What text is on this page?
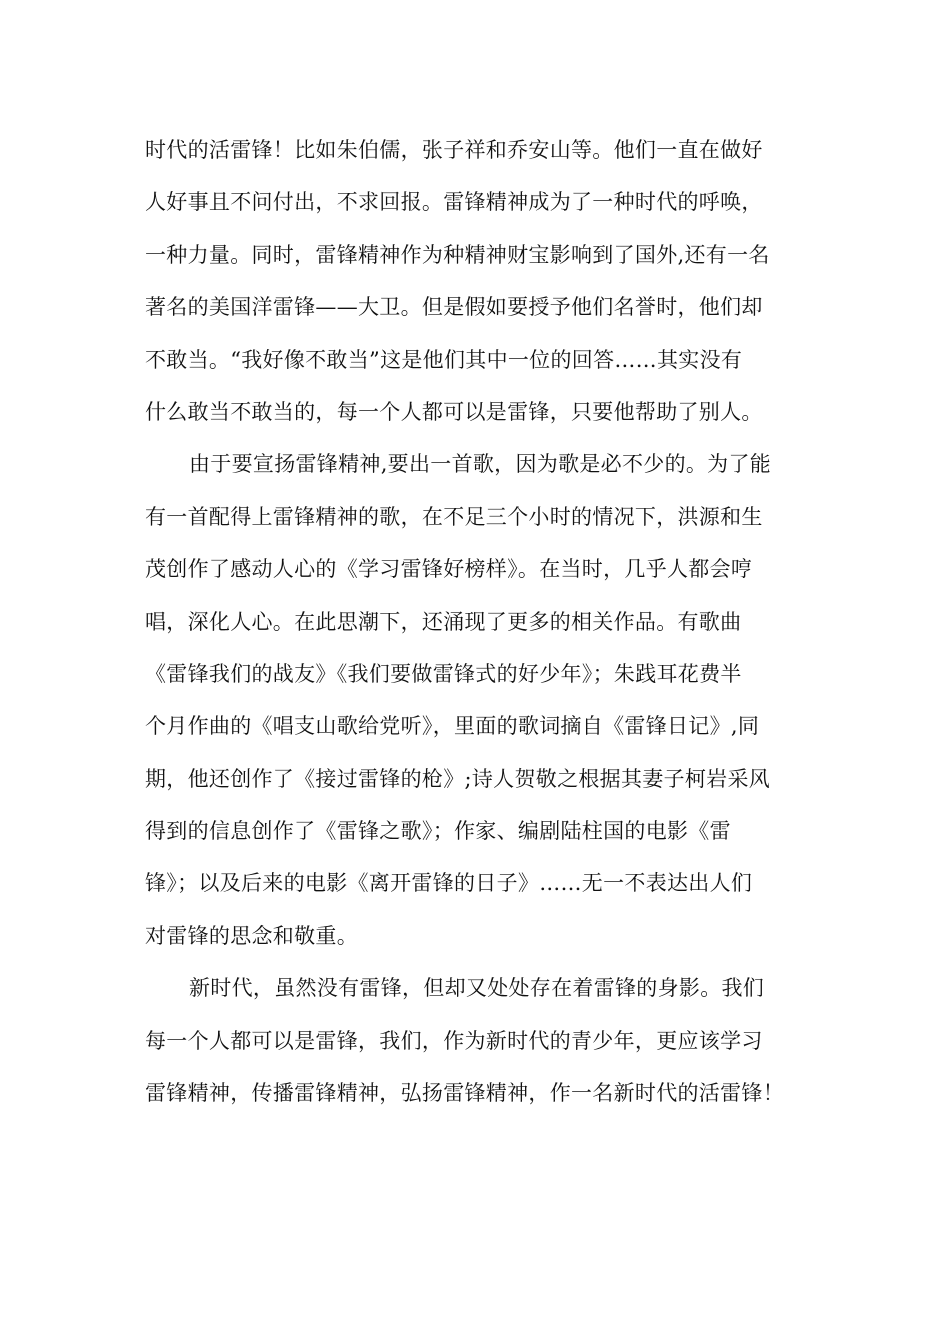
时代的活雷锋！比如朱伯儒，张子祥和乔安山等。他们一直在做好
人好事且不问付出，不求回报。雷锋精神成为了一种时代的呼唤，
一种力量。同时，雷锋精神作为种精神财宝影响到了国外,还有一名
著名的美国洋雷锋——大卫。但是假如要授予他们名誉时，他们却
不敢当。“我好像不敢当”这是他们其中一位的回答……其实没有
什么敢当不敢当的，每一个人都可以是雷锋，只要他帮助了别人。
由于要宣扬雷锋精神,要出一首歌，因为歌是必不少的。为了能
有一首配得上雷锋精神的歌，在不足三个小时的情况下，洪源和生
茂创作了感动人心的《学习雷锋好榜样》。在当时，几乎人都会哼
唱，深化人心。在此思潮下，还涌现了更多的相关作品。有歌曲
《雷锋我们的战友》《我们要做雷锋式的好少年》；朱践耳花费半
个月作曲的《唱支山歌给党听》，里面的歌词摘自《雷锋日记》,同
期，他还创作了《接过雷锋的枪》;诗人贺敬之根据其妻子柯岩采风
得到的信息创作了《雷锋之歌》；作家、编剧陆柱国的电影《雷
锋》；以及后来的电影《离开雷锋的日子》……无一不表达出人们
对雷锋的思念和敬重。
新时代，虽然没有雷锋，但却又处处存在着雷锋的身影。我们
每一个人都可以是雷锋，我们，作为新时代的青少年，更应该学习
雷锋精神，传播雷锋精神，弘扬雷锋精神，作一名新时代的活雷锋！
